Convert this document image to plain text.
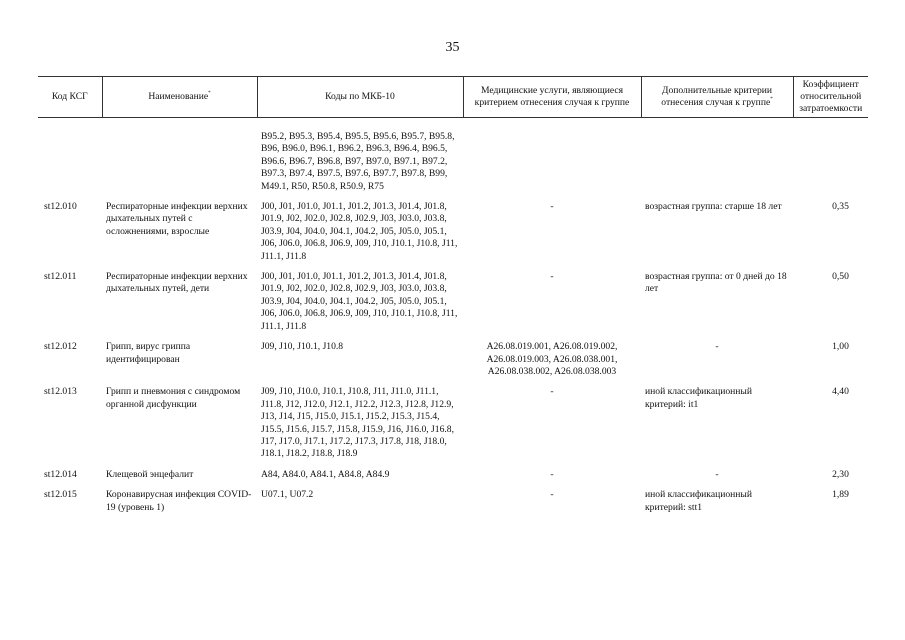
35
Код КСГ	Наименование*	Коды по МКБ-10	Медицинские услуги, являющиеся критерием отнесения случая к группе	Дополнительные критерии отнесения случая к группе*	Коэффициент относительной затратоемкости
		B95.2, B95.3, B95.4, B95.5, B95.6, B95.7, B95.8, B96, B96.0, B96.1, B96.2, B96.3, B96.4, B96.5, B96.6, B96.7, B96.8, B97, B97.0, B97.1, B97.2, B97.3, B97.4, B97.5, B97.6, B97.7, B97.8, B99, M49.1, R50, R50.8, R50.9, R75			
st12.010	Респираторные инфекции верхних дыхательных путей с осложнениями, взрослые	J00, J01, J01.0, J01.1, J01.2, J01.3, J01.4, J01.8, J01.9, J02, J02.0, J02.8, J02.9, J03, J03.0, J03.8, J03.9, J04, J04.0, J04.1, J04.2, J05, J05.0, J05.1, J06, J06.0, J06.8, J06.9, J09, J10, J10.1, J10.8, J11, J11.1, J11.8	-	возрастная группа: старше 18 лет	0,35
st12.011	Респираторные инфекции верхних дыхательных путей, дети	J00, J01, J01.0, J01.1, J01.2, J01.3, J01.4, J01.8, J01.9, J02, J02.0, J02.8, J02.9, J03, J03.0, J03.8, J03.9, J04, J04.0, J04.1, J04.2, J05, J05.0, J05.1, J06, J06.0, J06.8, J06.9, J09, J10, J10.1, J10.8, J11, J11.1, J11.8	-	возрастная группа: от 0 дней до 18 лет	0,50
st12.012	Грипп, вирус гриппа идентифицирован	J09, J10, J10.1, J10.8	A26.08.019.001, A26.08.019.002, A26.08.019.003, A26.08.038.001, A26.08.038.002, A26.08.038.003	-	1,00
st12.013	Грипп и пневмония с синдромом органной дисфункции	J09, J10, J10.0, J10.1, J10.8, J11, J11.0, J11.1, J11.8, J12, J12.0, J12.1, J12.2, J12.3, J12.8, J12.9, J13, J14, J15, J15.0, J15.1, J15.2, J15.3, J15.4, J15.5, J15.6, J15.7, J15.8, J15.9, J16, J16.0, J16.8, J17, J17.0, J17.1, J17.2, J17.3, J17.8, J18, J18.0, J18.1, J18.2, J18.8, J18.9	-	иной классификационный критерий: it1	4,40
st12.014	Клещевой энцефалит	A84, A84.0, A84.1, A84.8, A84.9	-	-	2,30
st12.015	Коронавирусная инфекция COVID-19 (уровень 1)	U07.1, U07.2	-	иной классификационный критерий: stt1	1,89
